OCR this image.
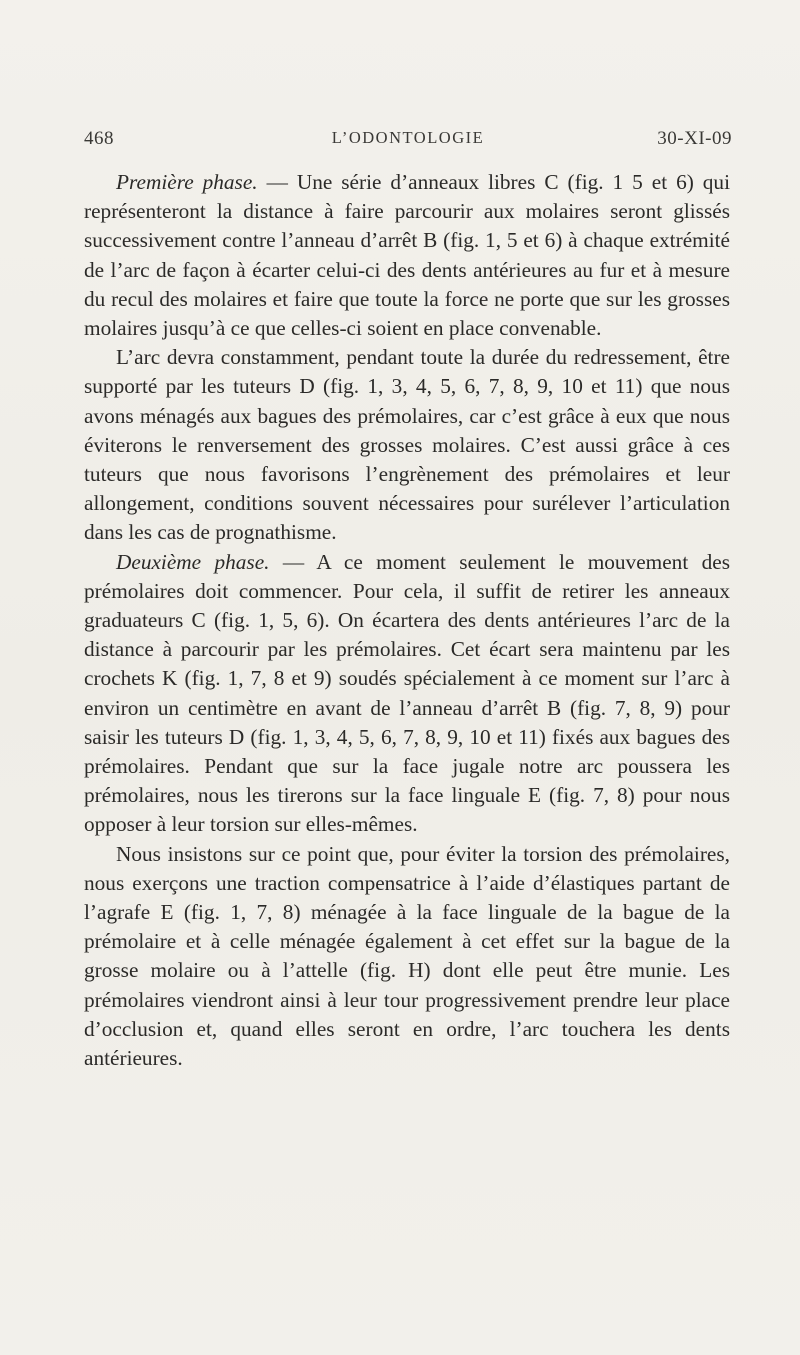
468	L’ODONTOLOGIE	30-XI-09

Première phase. — Une série d’anneaux libres C (fig. 1 5 et 6) qui représenteront la distance à faire parcourir aux molaires seront glissés successivement contre l’anneau d’arrêt B (fig. 1, 5 et 6) à chaque extrémité de l’arc de façon à écarter celui-ci des dents antérieures au fur et à mesure du recul des molaires et faire que toute la force ne porte que sur les grosses molaires jusqu’à ce que celles-ci soient en place convenable.

L’arc devra constamment, pendant toute la durée du redressement, être supporté par les tuteurs D (fig. 1, 3, 4, 5, 6, 7, 8, 9, 10 et 11) que nous avons ménagés aux bagues des prémolaires, car c’est grâce à eux que nous éviterons le renversement des grosses molaires. C’est aussi grâce à ces tuteurs que nous favorisons l’engrènement des prémolaires et leur allongement, conditions souvent nécessaires pour surélever l’articulation dans les cas de prognathisme.

Deuxième phase. — A ce moment seulement le mouvement des prémolaires doit commencer. Pour cela, il suffit de retirer les anneaux graduateurs C (fig. 1, 5, 6). On écartera des dents antérieures l’arc de la distance à parcourir par les prémolaires. Cet écart sera maintenu par les crochets K (fig. 1, 7, 8 et 9) soudés spécialement à ce moment sur l’arc à environ un centimètre en avant de l’anneau d’arrêt B (fig. 7, 8, 9) pour saisir les tuteurs D (fig. 1, 3, 4, 5, 6, 7, 8, 9, 10 et 11) fixés aux bagues des prémolaires. Pendant que sur la face jugale notre arc poussera les prémolaires, nous les tirerons sur la face linguale E (fig. 7, 8) pour nous opposer à leur torsion sur elles-mêmes.

Nous insistons sur ce point que, pour éviter la torsion des prémolaires, nous exerçons une traction compensatrice à l’aide d’élastiques partant de l’agrafe E (fig. 1, 7, 8) ménagée à la face linguale de la bague de la prémolaire et à celle ménagée également à cet effet sur la bague de la grosse molaire ou à l’attelle (fig. H) dont elle peut être munie. Les prémolaires viendront ainsi à leur tour progressivement prendre leur place d’occlusion et, quand elles seront en ordre, l’arc touchera les dents antérieures.
